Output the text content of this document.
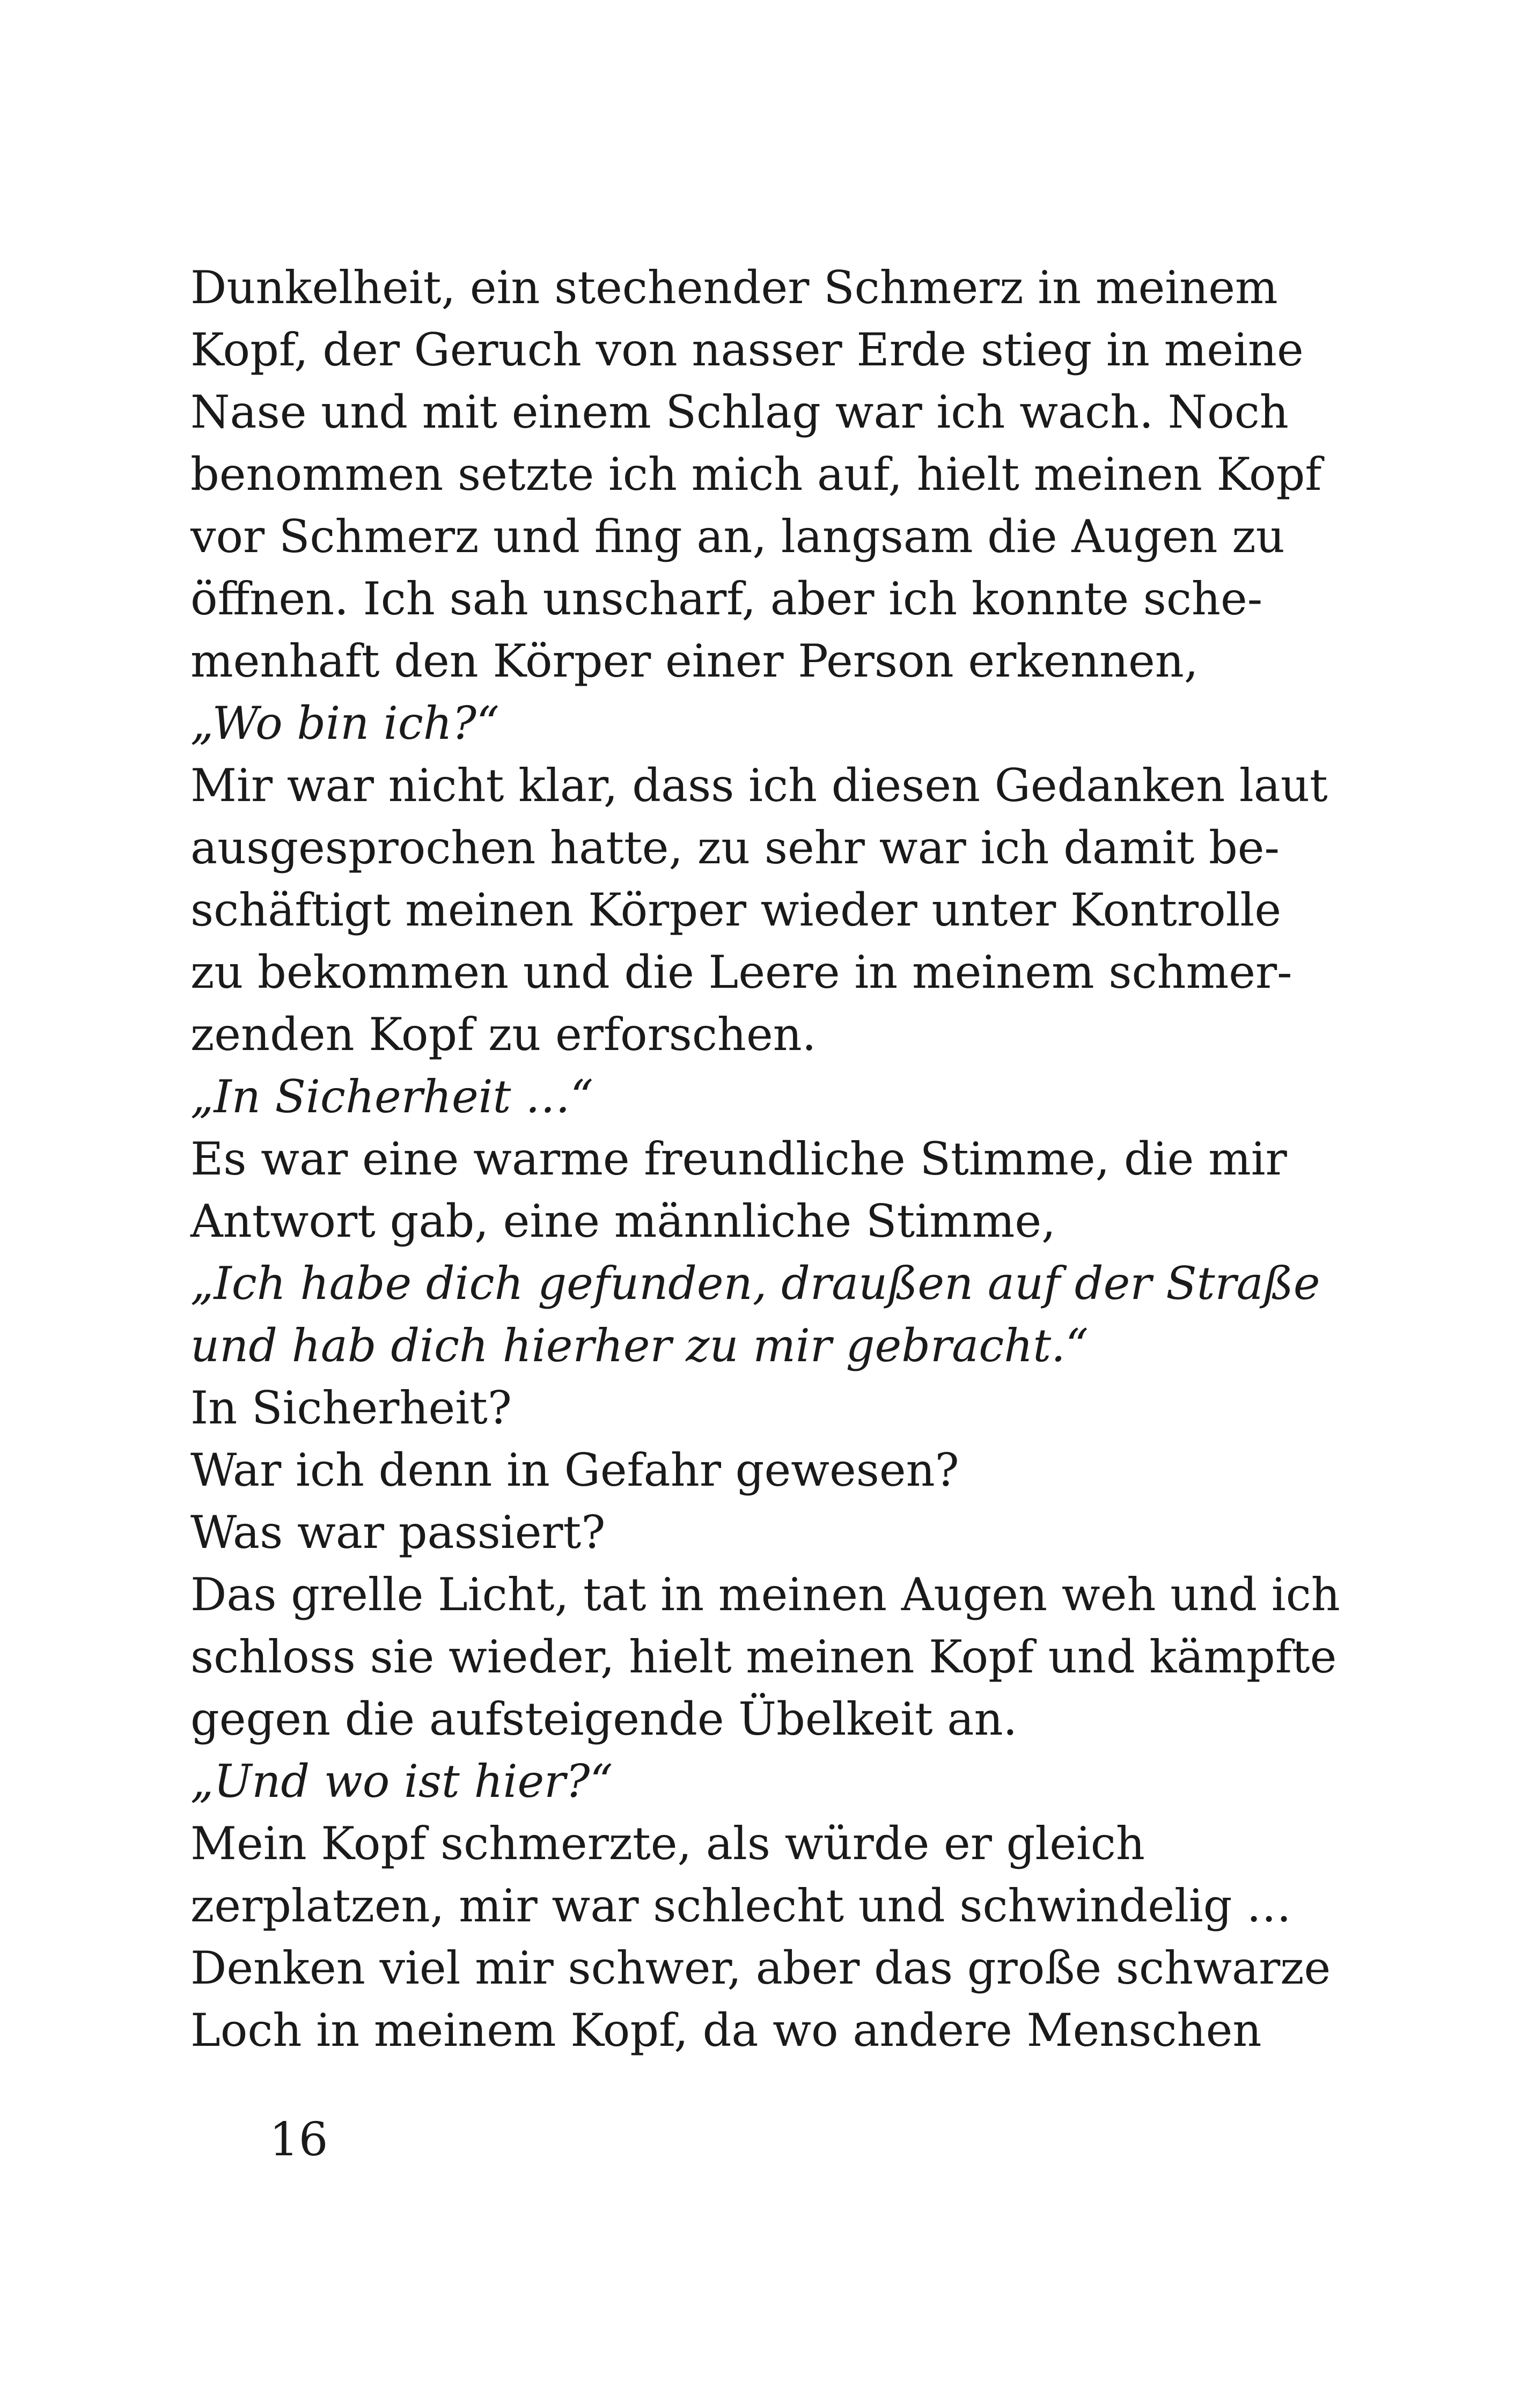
Dunkelheit, ein stechender Schmerz in meinem
Kopf, der Geruch von nasser Erde stieg in meine
Nase und mit einem Schlag war ich wach. Noch
benommen setzte ich mich auf, hielt meinen Kopf
vor Schmerz und fing an, langsam die Augen zu
öffnen. Ich sah unscharf, aber ich konnte sche-
menhaft den Körper einer Person erkennen,
„Wo bin ich?“
Mir war nicht klar, dass ich diesen Gedanken laut
ausgesprochen hatte, zu sehr war ich damit be-
schäftigt meinen Körper wieder unter Kontrolle
zu bekommen und die Leere in meinem schmer-
zenden Kopf zu erforschen.
„In Sicherheit …“
Es war eine warme freundliche Stimme, die mir
Antwort gab, eine männliche Stimme,
„Ich habe dich gefunden, draußen auf der Straße
und hab dich hierher zu mir gebracht.“
In Sicherheit?
War ich denn in Gefahr gewesen?
Was war passiert?
Das grelle Licht, tat in meinen Augen weh und ich
schloss sie wieder, hielt meinen Kopf und kämpfte
gegen die aufsteigende Übelkeit an.
„Und wo ist hier?“
Mein Kopf schmerzte, als würde er gleich
zerplatzen, mir war schlecht und schwindelig …
Denken viel mir schwer, aber das große schwarze
Loch in meinem Kopf, da wo andere Menschen
16
